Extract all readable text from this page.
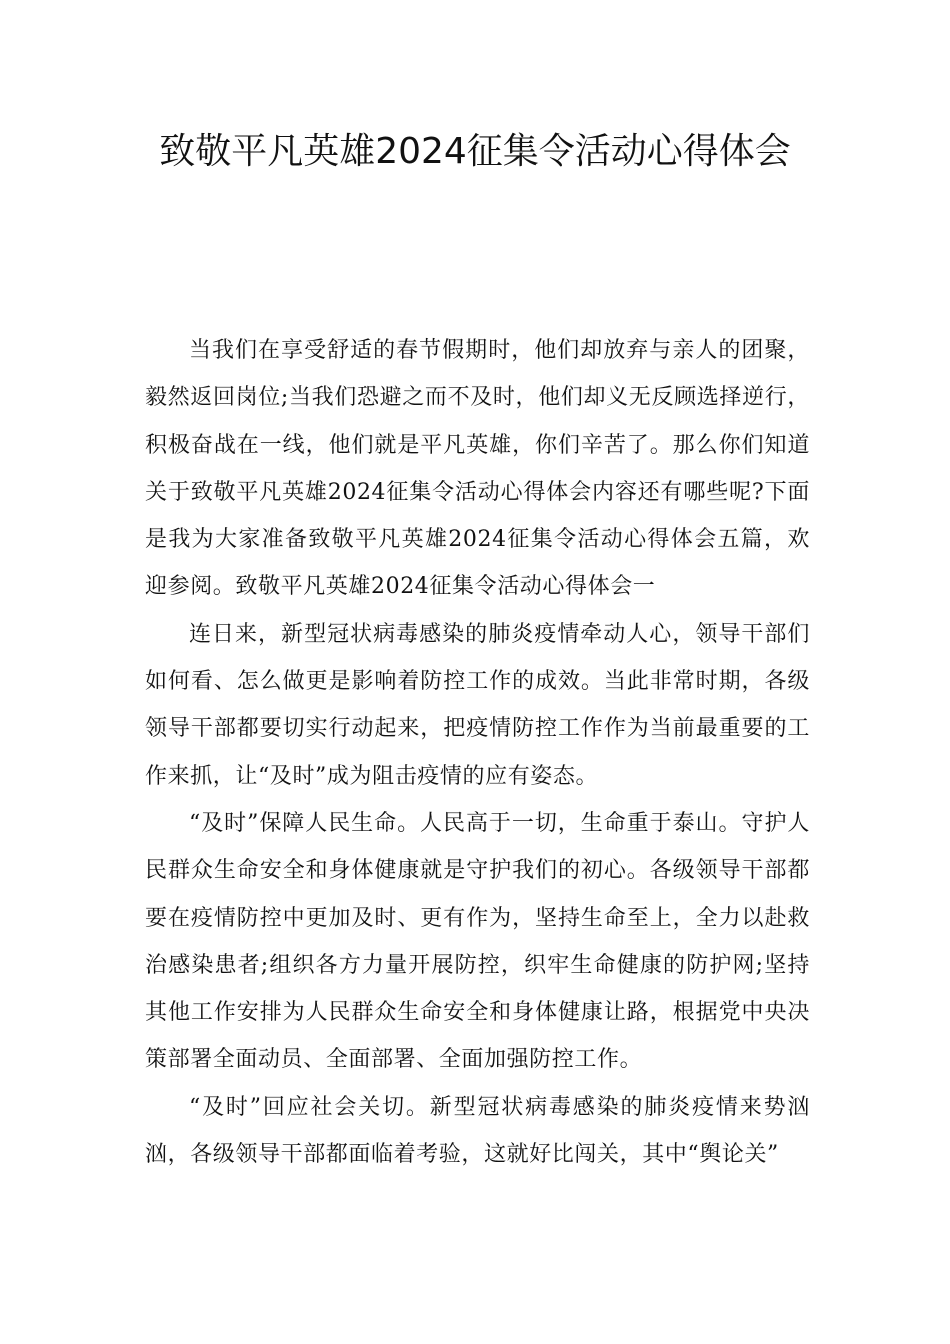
致敬平凡英雄2024征集令活动心得体会

当我们在享受舒适的春节假期时，他们却放弃与亲人的团聚，毅然返回岗位;当我们恐避之而不及时，他们却义无反顾选择逆行，积极奋战在一线，他们就是平凡英雄，你们辛苦了。那么你们知道关于致敬平凡英雄2024征集令活动心得体会内容还有哪些呢?下面是我为大家准备致敬平凡英雄2024征集令活动心得体会五篇，欢迎参阅。致敬平凡英雄2024征集令活动心得体会一

连日来，新型冠状病毒感染的肺炎疫情牵动人心，领导干部们如何看、怎么做更是影响着防控工作的成效。当此非常时期，各级领导干部都要切实行动起来，把疫情防控工作作为当前最重要的工作来抓，让“及时”成为阻击疫情的应有姿态。

“及时”保障人民生命。人民高于一切，生命重于泰山。守护人民群众生命安全和身体健康就是守护我们的初心。各级领导干部都要在疫情防控中更加及时、更有作为，坚持生命至上，全力以赴救治感染患者;组织各方力量开展防控，织牢生命健康的防护网;坚持其他工作安排为人民群众生命安全和身体健康让路，根据党中央决策部署全面动员、全面部署、全面加强防控工作。

“及时”回应社会关切。新型冠状病毒感染的肺炎疫情来势汹汹，各级领导干部都面临着考验，这就好比闯关，其中“舆论关”
